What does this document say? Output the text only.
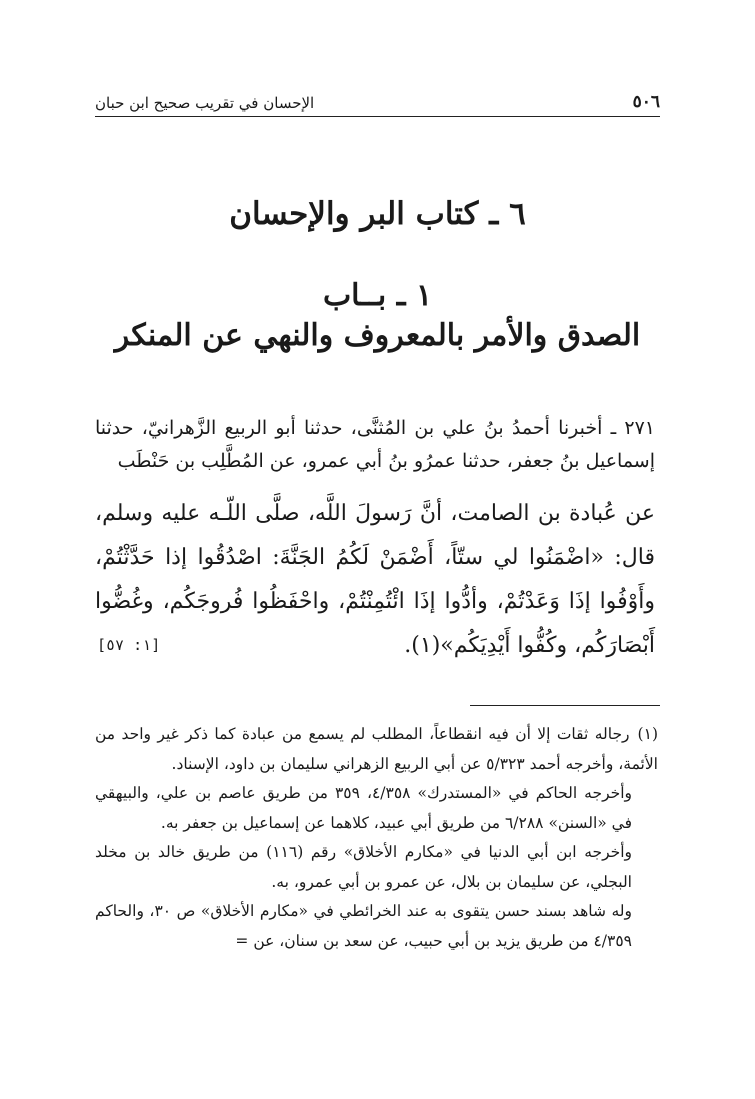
٥٠٦
الإحسان في تقريب صحيح ابن حبان
٦ ـ كتاب البر والإحسان
١ ـ بــاب
الصدق والأمر بالمعروف والنهي عن المنكر

٢٧١ ـ أخبرنا أحمدُ بنُ علي بن المُثنَّى، حدثنا أبو الربيع الزَّهرانيّ، حدثنا إسماعيل بنُ جعفر، حدثنا عمرُو بنُ أبي عمرو، عن المُطَّلِب بن حَنْطَب

عن عُبادة بن الصامت، أنَّ رَسولَ اللَّه، صلَّى اللّـه عليه وسلم، قال: «اضْمَنُوا لي ستّاً، أَضْمَنْ لَكُمُ الجَنَّةَ: اصْدُقُوا إذا حَدَّثْتُمْ، وأَوْفُوا إذَا وَعَدْتُمْ، وأدُّوا إذَا ائْتُمِنْتُمْ، واحْفَظُوا فُروجَكُم، وغُضُّوا أَبْصَارَكُم، وكُفُّوا أَيْدِيَكُم»(١).

[١: ٥٧]

(١)رجاله ثقات إلا أن فيه انقطاعاً، المطلب لم يسمع من عبادة كما ذكر غير واحد من الأئمة، وأخرجه أحمد ٥/٣٢٣ عن أبي الربيع الزهراني سليمان بن داود، الإسناد.

وأخرجه الحاكم في «المستدرك» ٤/٣٥٨، ٣٥٩ من طريق عاصم بن علي، والبيهقي في «السنن» ٦/٢٨٨ من طريق أبي عبيد، كلاهما عن إسماعيل بن جعفر به.

وأخرجه ابن أبي الدنيا في «مكارم الأخلاق» رقم (١١٦) من طريق خالد بن مخلد البجلي، عن سليمان بن بلال، عن عمرو بن أبي عمرو، به.

وله شاهد بسند حسن يتقوى به عند الخرائطي في «مكارم الأخلاق» ص ٣٠، والحاكم ٤/٣٥٩ من طريق يزيد بن أبي حبيب، عن سعد بن سنان، عن =
